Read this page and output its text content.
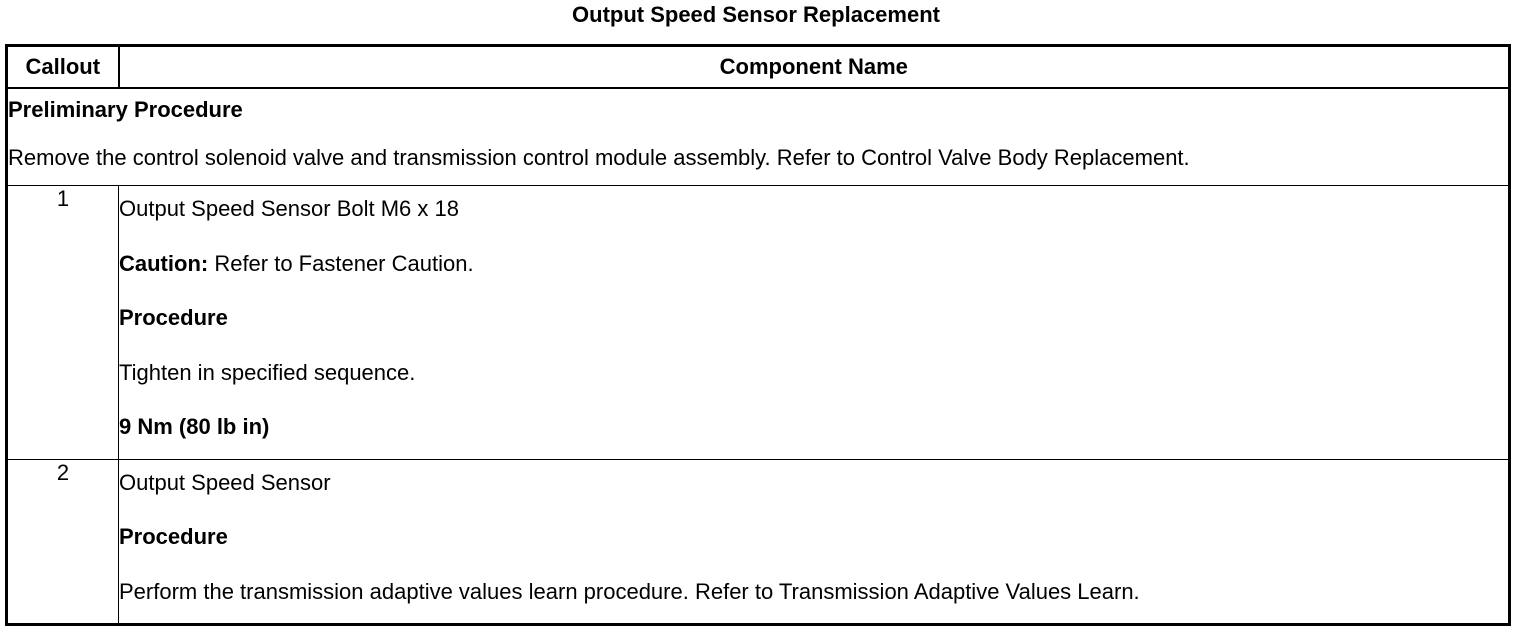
Output Speed Sensor Replacement
Callout	Component Name

Preliminary Procedure
Remove the control solenoid valve and transmission control module assembly. Refer to Control Valve Body Replacement.	

1	Output Speed Sensor Bolt M6 x 18
Caution: Refer to Fastener Caution.
Procedure
Tighten in specified sequence.
9 Nm (80 lb in)

2	Output Speed Sensor
Procedure
Perform the transmission adaptive values learn procedure. Refer to Transmission Adaptive Values Learn.
